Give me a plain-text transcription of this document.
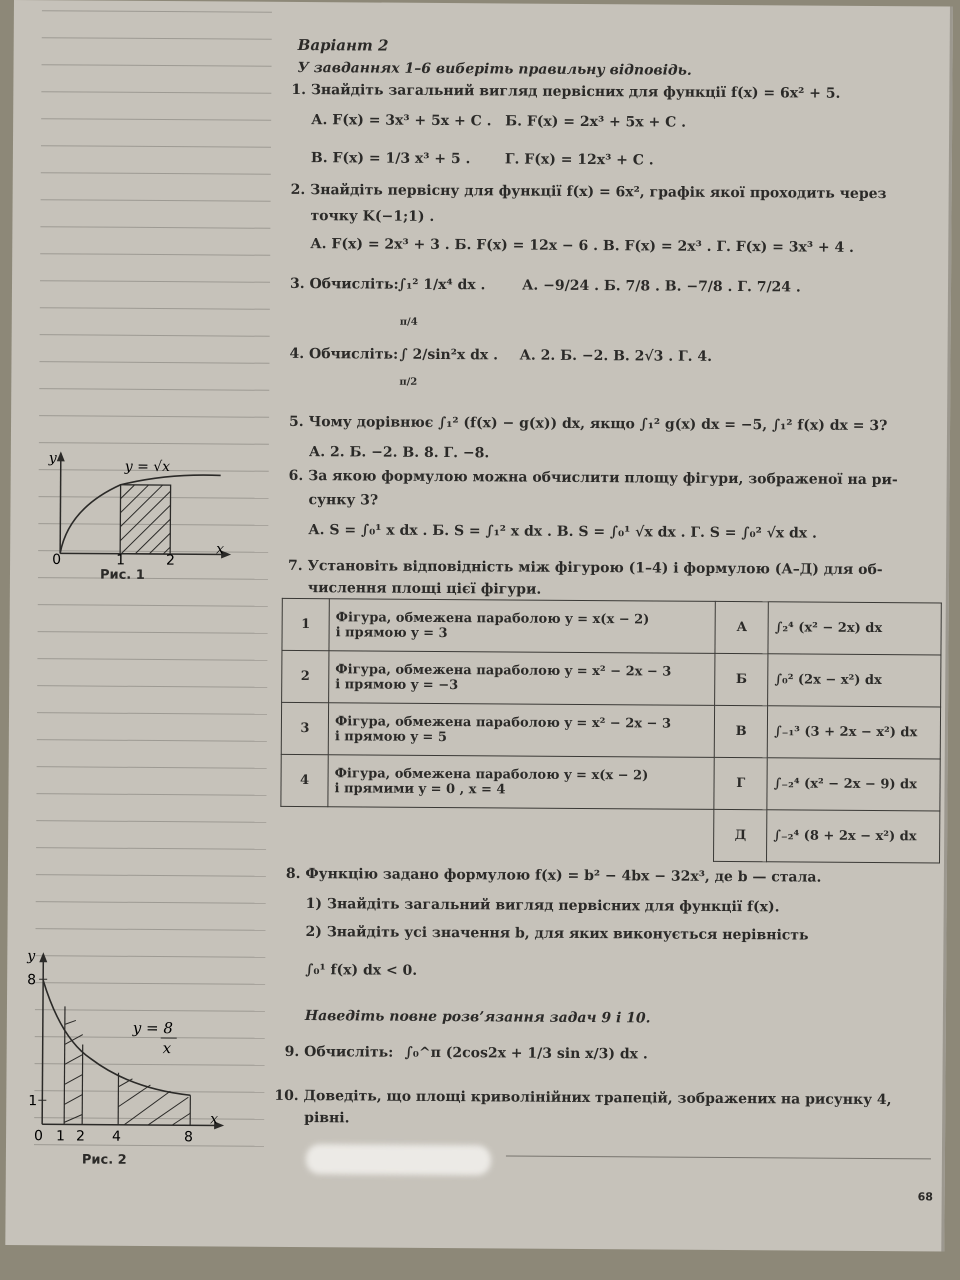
y
x
y = √x
0	1	2
Рис. 1
y
x
y = 8
x
8
1
0 1 2 4	8
Рис. 2
Варіант 2
У завданнях 1–6 виберіть правильну відповідь.
1. Знайдіть загальний вигляд первісних для функції f(x) = 6x² + 5.
А. F(x) = 3x³ + 5x + C . Б. F(x) = 2x³ + 5x + C .
В. F(x) = 1/3 x³ + 5 . Г. F(x) = 12x³ + C .
2. Знайдіть первісну для функції f(x) = 6x², графік якої проходить через
точку K(−1;1) .
А. F(x) = 2x³ + 3 . Б. F(x) = 12x − 6 . В. F(x) = 2x³ . Г. F(x) = 3x³ + 4 .
3. Обчисліть: ∫₁² 1/x⁴ dx .	А. −9/24 . Б. 7/8 . В. −7/8 . Г. 7/24 .
π/4
4. Обчисліть: ∫ 2/sin²x dx .
π/2
А. 2. Б. −2. В. 2√3 . Г. 4.
5. Чому дорівнює ∫₁² (f(x) − g(x)) dx, якщо ∫₁² g(x) dx = −5, ∫₁² f(x) dx = 3?
А. 2. Б. −2. В. 8. Г. −8.
6. За якою формулою можна обчислити площу фігури, зображеної на ри-
сунку 3?
А. S = ∫₀¹ x dx . Б. S = ∫₁² x dx . В. S = ∫₀¹ √x dx . Г. S = ∫₀² √x dx .
7. Установіть відповідність між фігурою (1–4) і формулою (А–Д) для об-
числення площі цієї фігури.
1	Фігура, обмежена параболою y = x(x − 2)
і прямою y = 3	А	∫₂⁴ (x² − 2x) dx
2	Фігура, обмежена параболою y = x² − 2x − 3
і прямою y = −3	Б	∫₀² (2x − x²) dx
3	Фігура, обмежена параболою y = x² − 2x − 3
і прямою y = 5	В	∫₋₁³ (3 + 2x − x²) dx
4	Фігура, обмежена параболою y = x(x − 2)
і прямими y = 0 , x = 4	Г	∫₋₂⁴ (x² − 2x − 9) dx
		Д	∫₋₂⁴ (8 + 2x − x²) dx
8. Функцію задано формулою f(x) = b² − 4bx − 32x³, де b — стала.
1) Знайдіть загальний вигляд первісних для функції f(x).
2) Знайдіть усі значення b, для яких виконується нерівність
∫₀¹ f(x) dx < 0.
Наведіть повне розв’язання задач 9 і 10.
9. Обчисліть: ∫₀^π (2cos2x + 1/3 sin x/3) dx .
10. Доведіть, що площі криволінійних трапецій, зображених на рисунку 4,
рівні.
68
